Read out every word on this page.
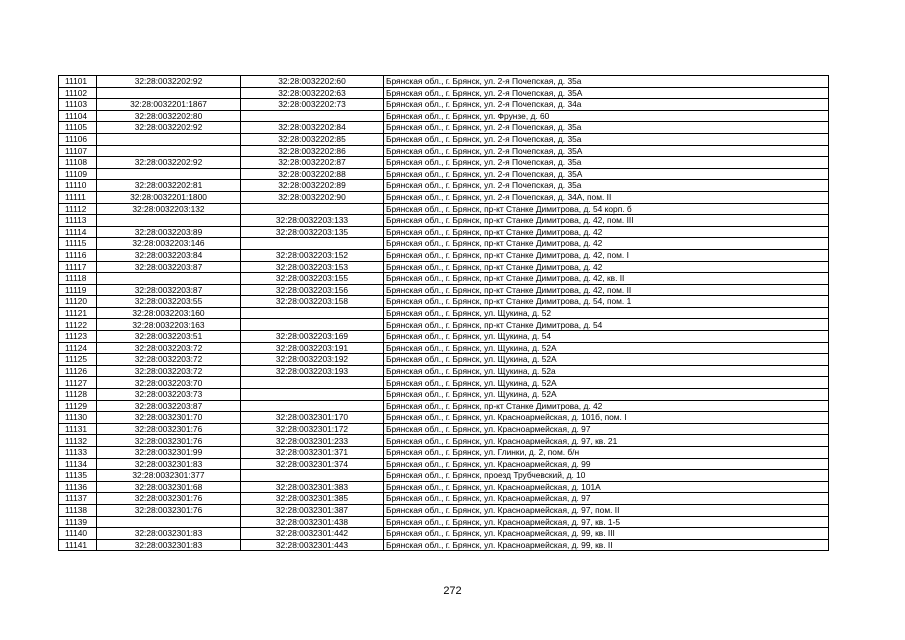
11101	32:28:0032202:92	32:28:0032202:60	Брянская обл., г. Брянск, ул. 2-я Почепская, д. 35а
11102		32:28:0032202:63	Брянская обл., г. Брянск, ул. 2-я Почепская, д. 35А
11103	32:28:0032201:1867	32:28:0032202:73	Брянская обл., г. Брянск, ул. 2-я Почепская, д. 34а
11104	32:28:0032202:80		Брянская обл., г. Брянск, ул. Фрунзе, д. 60
11105	32:28:0032202:92	32:28:0032202:84	Брянская обл., г. Брянск, ул. 2-я Почепская, д. 35а
11106		32:28:0032202:85	Брянская обл., г. Брянск, ул. 2-я Почепская, д. 35а
11107		32:28:0032202:86	Брянская обл., г. Брянск, ул. 2-я Почепская, д. 35А
11108	32:28:0032202:92	32:28:0032202:87	Брянская обл., г. Брянск, ул. 2-я Почепская, д. 35а
11109		32:28:0032202:88	Брянская обл., г. Брянск, ул. 2-я Почепская, д. 35А
11110	32:28:0032202:81	32:28:0032202:89	Брянская обл., г. Брянск, ул. 2-я Почепская, д. 35а
11111	32:28:0032201:1800	32:28:0032202:90	Брянская обл., г. Брянск, ул. 2-я Почепская, д. 34А, пом. II
11112	32:28:0032203:132		Брянская обл., г. Брянск, пр-кт Станке Димитрова, д. 54 корп. б
11113		32:28:0032203:133	Брянская обл., г. Брянск, пр-кт Станке Димитрова, д. 42, пом. III
11114	32:28:0032203:89	32:28:0032203:135	Брянская обл., г. Брянск, пр-кт Станке Димитрова, д. 42
11115	32:28:0032203:146		Брянская обл., г. Брянск, пр-кт Станке Димитрова, д. 42
11116	32:28:0032203:84	32:28:0032203:152	Брянская обл., г. Брянск, пр-кт Станке Димитрова, д. 42, пом. I
11117	32:28:0032203:87	32:28:0032203:153	Брянская обл., г. Брянск, пр-кт Станке Димитрова, д. 42
11118		32:28:0032203:155	Брянская обл., г. Брянск, пр-кт Станке Димитрова, д. 42, кв. II
11119	32:28:0032203:87	32:28:0032203:156	Брянская обл., г. Брянск, пр-кт Станке Димитрова, д. 42, пом. II
11120	32:28:0032203:55	32:28:0032203:158	Брянская обл., г. Брянск, пр-кт Станке Димитрова, д. 54, пом. 1
11121	32:28:0032203:160		Брянская обл., г. Брянск, ул. Щукина, д. 52
11122	32:28:0032203:163		Брянская обл., г. Брянск, пр-кт Станке Димитрова, д. 54
11123	32:28:0032203:51	32:28:0032203:169	Брянская обл., г. Брянск, ул. Щукина, д. 54
11124	32:28:0032203:72	32:28:0032203:191	Брянская обл., г. Брянск, ул. Щукина, д. 52А
11125	32:28:0032203:72	32:28:0032203:192	Брянская обл., г. Брянск, ул. Щукина, д. 52А
11126	32:28:0032203:72	32:28:0032203:193	Брянская обл., г. Брянск, ул. Щукина, д. 52а
11127	32:28:0032203:70		Брянская обл., г. Брянск, ул. Щукина, д. 52А
11128	32:28:0032203:73		Брянская обл., г. Брянск, ул. Щукина, д. 52А
11129	32:28:0032203:87		Брянская обл., г. Брянск, пр-кт Станке Димитрова, д. 42
11130	32:28:0032301:70	32:28:0032301:170	Брянская обл., г. Брянск, ул. Красноармейская, д. 101б, пом. I
11131	32:28:0032301:76	32:28:0032301:172	Брянская обл., г. Брянск, ул. Красноармейская, д. 97
11132	32:28:0032301:76	32:28:0032301:233	Брянская обл., г. Брянск, ул. Красноармейская, д. 97, кв. 21
11133	32:28:0032301:99	32:28:0032301:371	Брянская обл., г. Брянск, ул. Глинки, д. 2, пом. б/н
11134	32:28:0032301:83	32:28:0032301:374	Брянская обл., г. Брянск, ул. Красноармейская, д. 99
11135	32:28:0032301:377		Брянская обл., г. Брянск, проезд Трубчевский, д. 10
11136	32:28:0032301:68	32:28:0032301:383	Брянская обл., г. Брянск, ул. Красноармейская, д. 101А
11137	32:28:0032301:76	32:28:0032301:385	Брянская обл., г. Брянск, ул. Красноармейская, д. 97
11138	32:28:0032301:76	32:28:0032301:387	Брянская обл., г. Брянск, ул. Красноармейская, д. 97, пом. II
11139		32:28:0032301:438	Брянская обл., г. Брянск, ул. Красноармейская, д. 97, кв. 1-5
11140	32:28:0032301:83	32:28:0032301:442	Брянская обл., г. Брянск, ул. Красноармейская, д. 99, кв. III
11141	32:28:0032301:83	32:28:0032301:443	Брянская обл., г. Брянск, ул. Красноармейская, д. 99, кв. II
272
